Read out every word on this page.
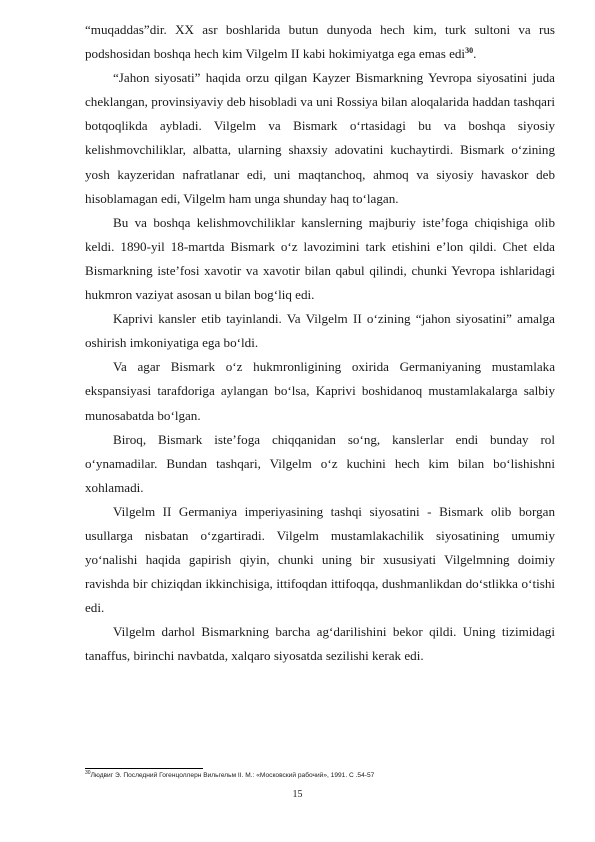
“muqaddas”dir. XX asr boshlarida butun dunyoda hech kim, turk sultoni va rus podshosidan boshqa hech kim Vilgelm II kabi hokimiyatga ega emas edi$^{30}$.

“Jahon siyosati” haqida orzu qilgan Kayzer Bismarkning Yevropa siyosatini juda cheklangan, provinsiyaviy deb hisobladi va uni Rossiya bilan aloqalarida haddan tashqari botqoqlikda aybladi. Vilgelm va Bismark o‘rtasidagi bu va boshqa siyosiy kelishmovchiliklar, albatta, ularning shaxsiy adovatini kuchaytirdi. Bismark o‘zining yosh kayzeridan nafratlanar edi, uni maqtanchoq, ahmoq va siyosiy havaskor deb hisoblamagan edi, Vilgelm ham unga shunday haq to‘lagan.

Bu va boshqa kelishmovchiliklar kanslerning majburiy iste’foga chiqishiga olib keldi. 1890-yil 18-martda Bismark o‘z lavozimini tark etishini e’lon qildi. Chet elda Bismarkning iste’fosi xavotir va xavotir bilan qabul qilindi, chunki Yevropa ishlaridagi hukmron vaziyat asosan u bilan bog‘liq edi.

Kaprivi kansler etib tayinlandi. Va Vilgelm II o‘zining “jahon siyosatini” amalga oshirish imkoniyatiga ega bo‘ldi.

Va agar Bismark o‘z hukmronligining oxirida Germaniyaning mustamlaka ekspansiyasi tarafdoriga aylangan bo‘lsa, Kaprivi boshidanoq mustamlakalarga salbiy munosabatda bo‘lgan.

Biroq, Bismark iste’foga chiqqanidan so‘ng, kanslerlar endi bunday rol o‘ynamadilar. Bundan tashqari, Vilgelm o‘z kuchini hech kim bilan bo‘lishishni xohlamadi.

Vilgelm II Germaniya imperiyasining tashqi siyosatini - Bismark olib borgan usullarga nisbatan o‘zgartiradi. Vilgelm mustamlakachilik siyosatining umumiy yo‘nalishi haqida gapirish qiyin, chunki uning bir xususiyati Vilgelmning doimiy ravishda bir chiziqdan ikkinchisiga, ittifoqdan ittifoqqa, dushmanlikdan do‘stlikka o‘tishi edi.

Vilgelm darhol Bismarkning barcha ag‘darilishini bekor qildi. Uning tizimidagi tanaffus, birinchi navbatda, xalqaro siyosatda sezilishi kerak edi.

$^{30}$Людвиг Э. Последний Гогенцоллерн Вильгельм II. М.: «Московский рабочий», 1991. С .54-57
15
